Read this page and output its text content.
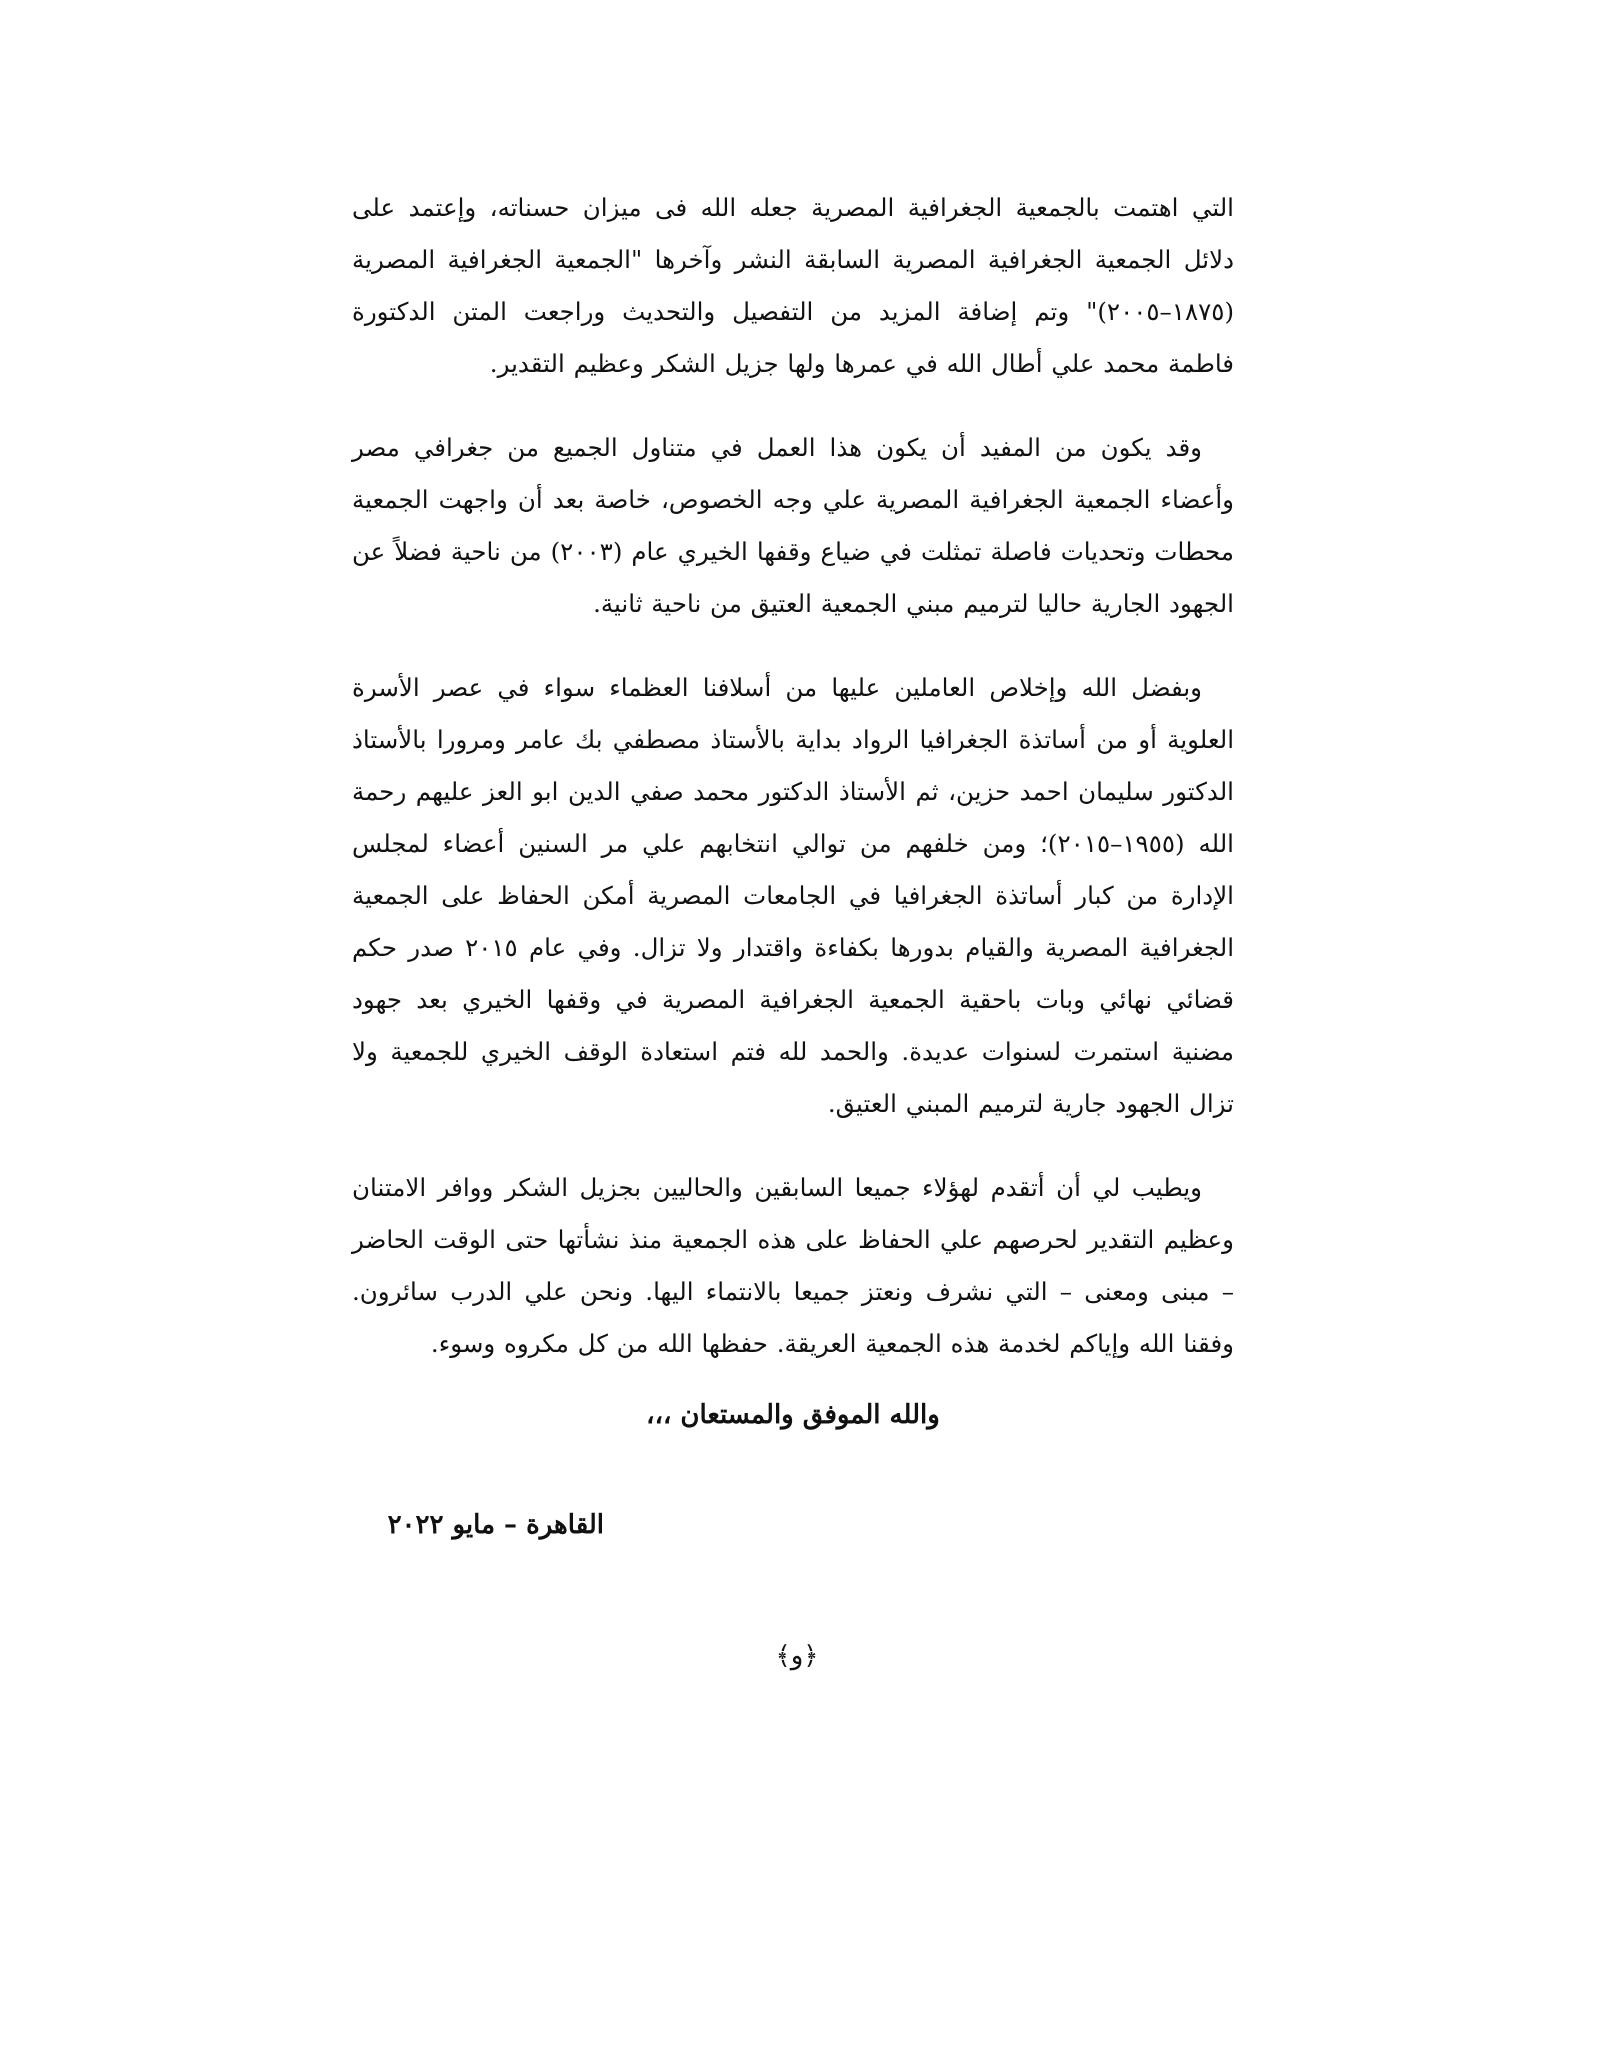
التي اهتمت بالجمعية الجغرافية المصرية جعله الله فى ميزان حسناته، وإعتمد على دلائل الجمعية الجغرافية المصرية السابقة النشر وآخرها "الجمعية الجغرافية المصرية (١٨٧٥–٢٠٠٥)" وتم إضافة المزيد من التفصيل والتحديث وراجعت المتن الدكتورة فاطمة محمد علي أطال الله في عمرها ولها جزيل الشكر وعظيم التقدير.

وقد يكون من المفيد أن يكون هذا العمل في متناول الجميع من جغرافي مصر وأعضاء الجمعية الجغرافية المصرية علي وجه الخصوص، خاصة بعد أن واجهت الجمعية محطات وتحديات فاصلة تمثلت في ضياع وقفها الخيري عام (٢٠٠٣) من ناحية فضلاً عن الجهود الجارية حاليا لترميم مبني الجمعية العتيق من ناحية ثانية.

وبفضل الله وإخلاص العاملين عليها من أسلافنا العظماء سواء في عصر الأسرة العلوية أو من أساتذة الجغرافيا الرواد بداية بالأستاذ مصطفي بك عامر ومرورا بالأستاذ الدكتور سليمان احمد حزين، ثم الأستاذ الدكتور محمد صفي الدين ابو العز عليهم رحمة الله (١٩٥٥–٢٠١٥)؛ ومن خلفهم من توالي انتخابهم علي مر السنين أعضاء لمجلس الإدارة من كبار أساتذة الجغرافيا في الجامعات المصرية أمكن الحفاظ على الجمعية الجغرافية المصرية والقيام بدورها بكفاءة واقتدار ولا تزال. وفي عام ٢٠١٥ صدر حكم قضائي نهائي وبات باحقية الجمعية الجغرافية المصرية في وقفها الخيري بعد جهود مضنية استمرت لسنوات عديدة. والحمد لله فتم استعادة الوقف الخيري للجمعية ولا تزال الجهود جارية لترميم المبني العتيق.

ويطيب لي أن أتقدم لهؤلاء جميعا السابقين والحاليين بجزيل الشكر ووافر الامتنان وعظيم التقدير لحرصهم علي الحفاظ على هذه الجمعية منذ نشأتها حتى الوقت الحاضر – مبنى ومعنى – التي نشرف ونعتز جميعا بالانتماء اليها. ونحن علي الدرب سائرون. وفقنا الله وإياكم لخدمة هذه الجمعية العريقة. حفظها الله من كل مكروه وسوء.

والله الموفق والمستعان ،،،
القاهرة – مايو ٢٠٢٢
﴿و﴾
